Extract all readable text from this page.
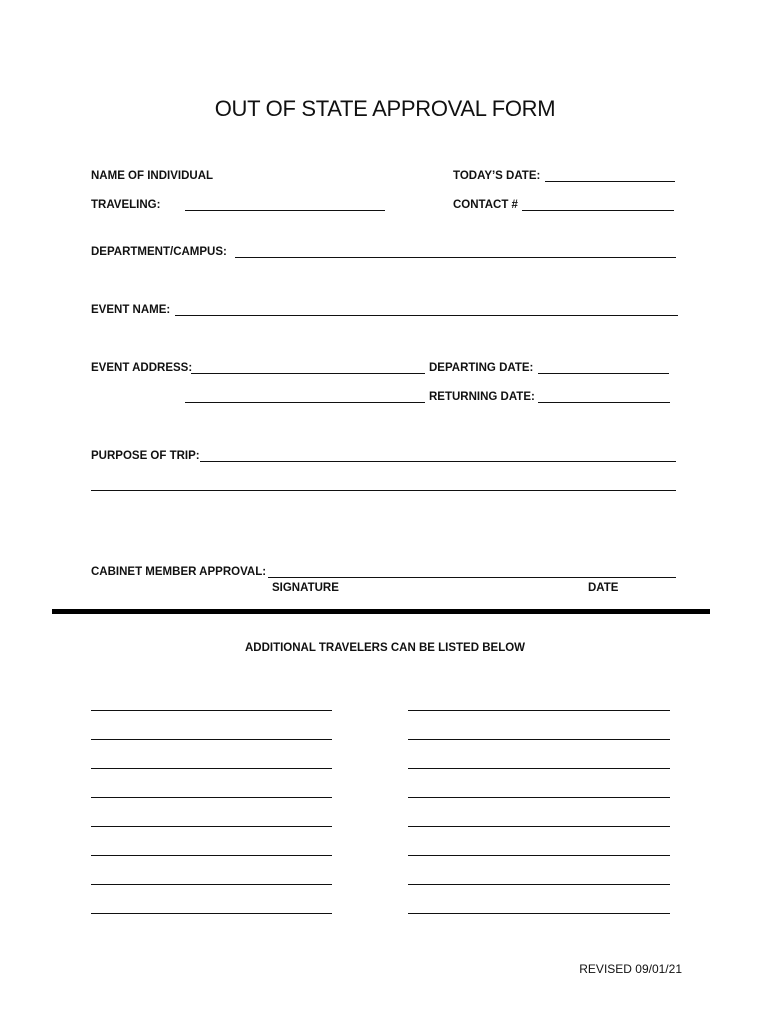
OUT OF STATE APPROVAL FORM
NAME OF INDIVIDUAL
TRAVELING:
TODAY’S DATE:
CONTACT #
DEPARTMENT/CAMPUS:
EVENT NAME:
EVENT ADDRESS:	DEPARTING DATE:
RETURNING DATE:
PURPOSE OF TRIP:
CABINET MEMBER APPROVAL:
SIGNATURE	DATE
ADDITIONAL TRAVELERS CAN BE LISTED BELOW
REVISED 09/01/21
